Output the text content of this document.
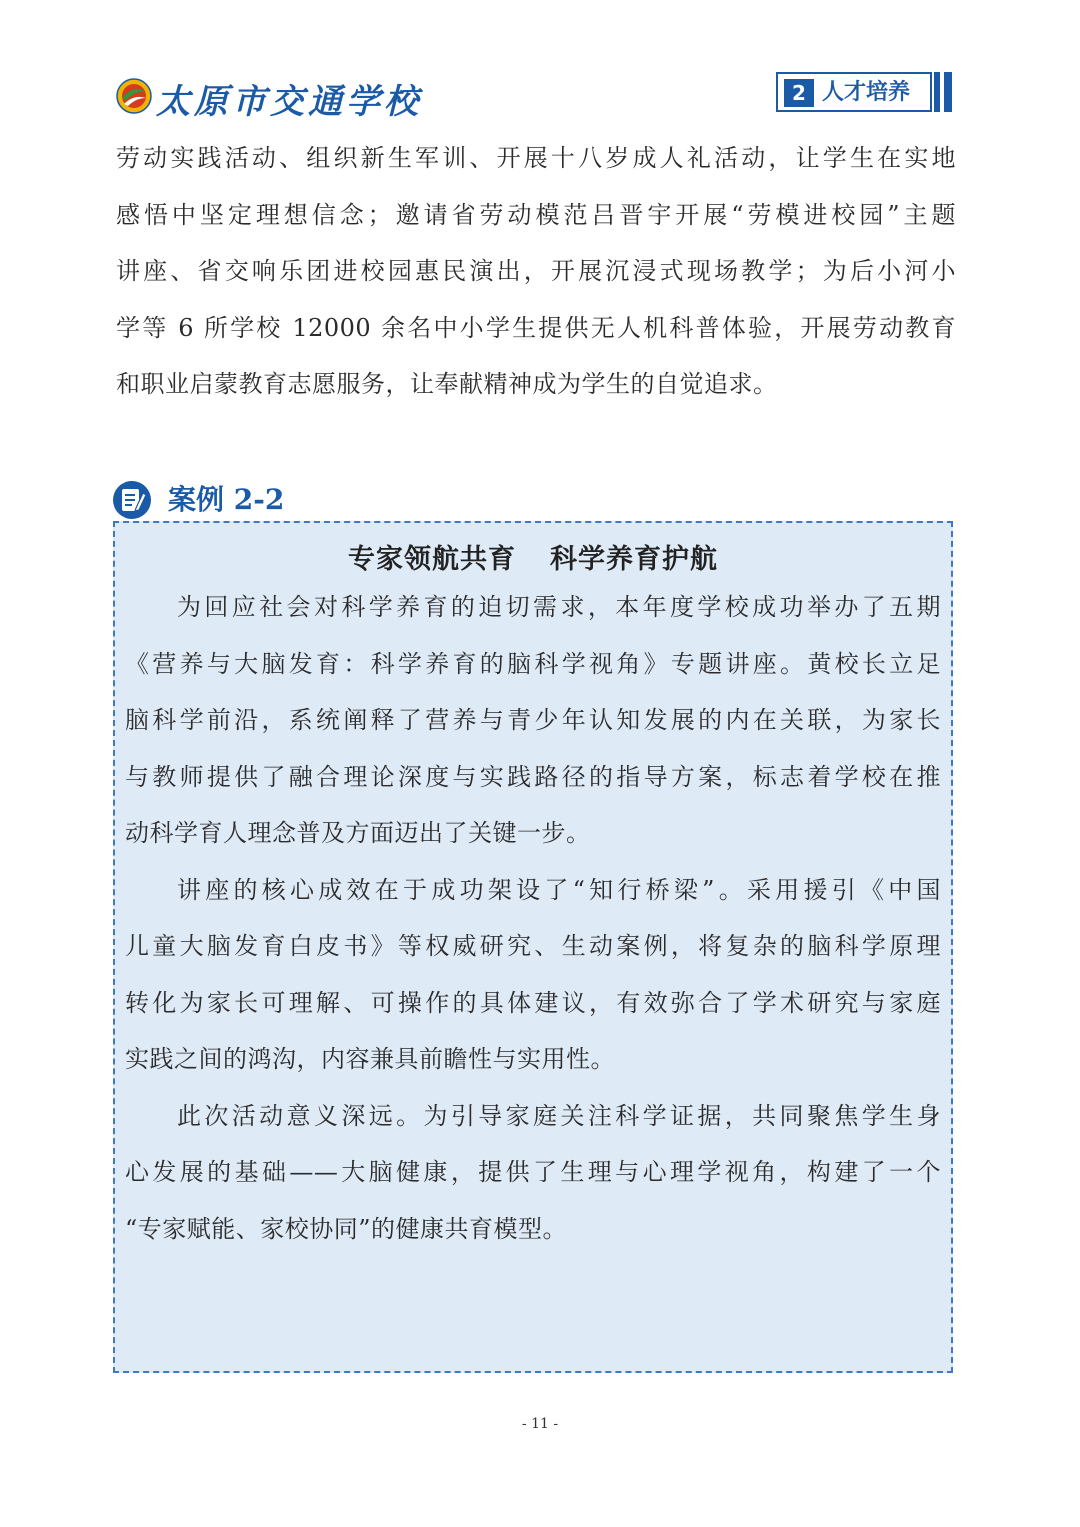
太原市交通学校	2 人才培养
劳动实践活动、组织新生军训、开展十八岁成人礼活动，让学生在实地
感悟中坚定理想信念；邀请省劳动模范吕晋宇开展“劳模进校园”主题
讲座、省交响乐团进校园惠民演出，开展沉浸式现场教学；为后小河小
学等 6 所学校 12000 余名中小学生提供无人机科普体验，开展劳动教育
和职业启蒙教育志愿服务，让奉献精神成为学生的自觉追求。
案例 2-2
专家领航共育 科学养育护航
为回应社会对科学养育的迫切需求，本年度学校成功举办了五期
《营养与大脑发育：科学养育的脑科学视角》专题讲座。黄校长立足
脑科学前沿，系统阐释了营养与青少年认知发展的内在关联，为家长
与教师提供了融合理论深度与实践路径的指导方案，标志着学校在推
动科学育人理念普及方面迈出了关键一步。
讲座的核心成效在于成功架设了“知行桥梁”。采用援引《中国
儿童大脑发育白皮书》等权威研究、生动案例，将复杂的脑科学原理
转化为家长可理解、可操作的具体建议，有效弥合了学术研究与家庭
实践之间的鸿沟，内容兼具前瞻性与实用性。
此次活动意义深远。为引导家庭关注科学证据，共同聚焦学生身
心发展的基础——大脑健康，提供了生理与心理学视角，构建了一个
“专家赋能、家校协同”的健康共育模型。
- 11 -
